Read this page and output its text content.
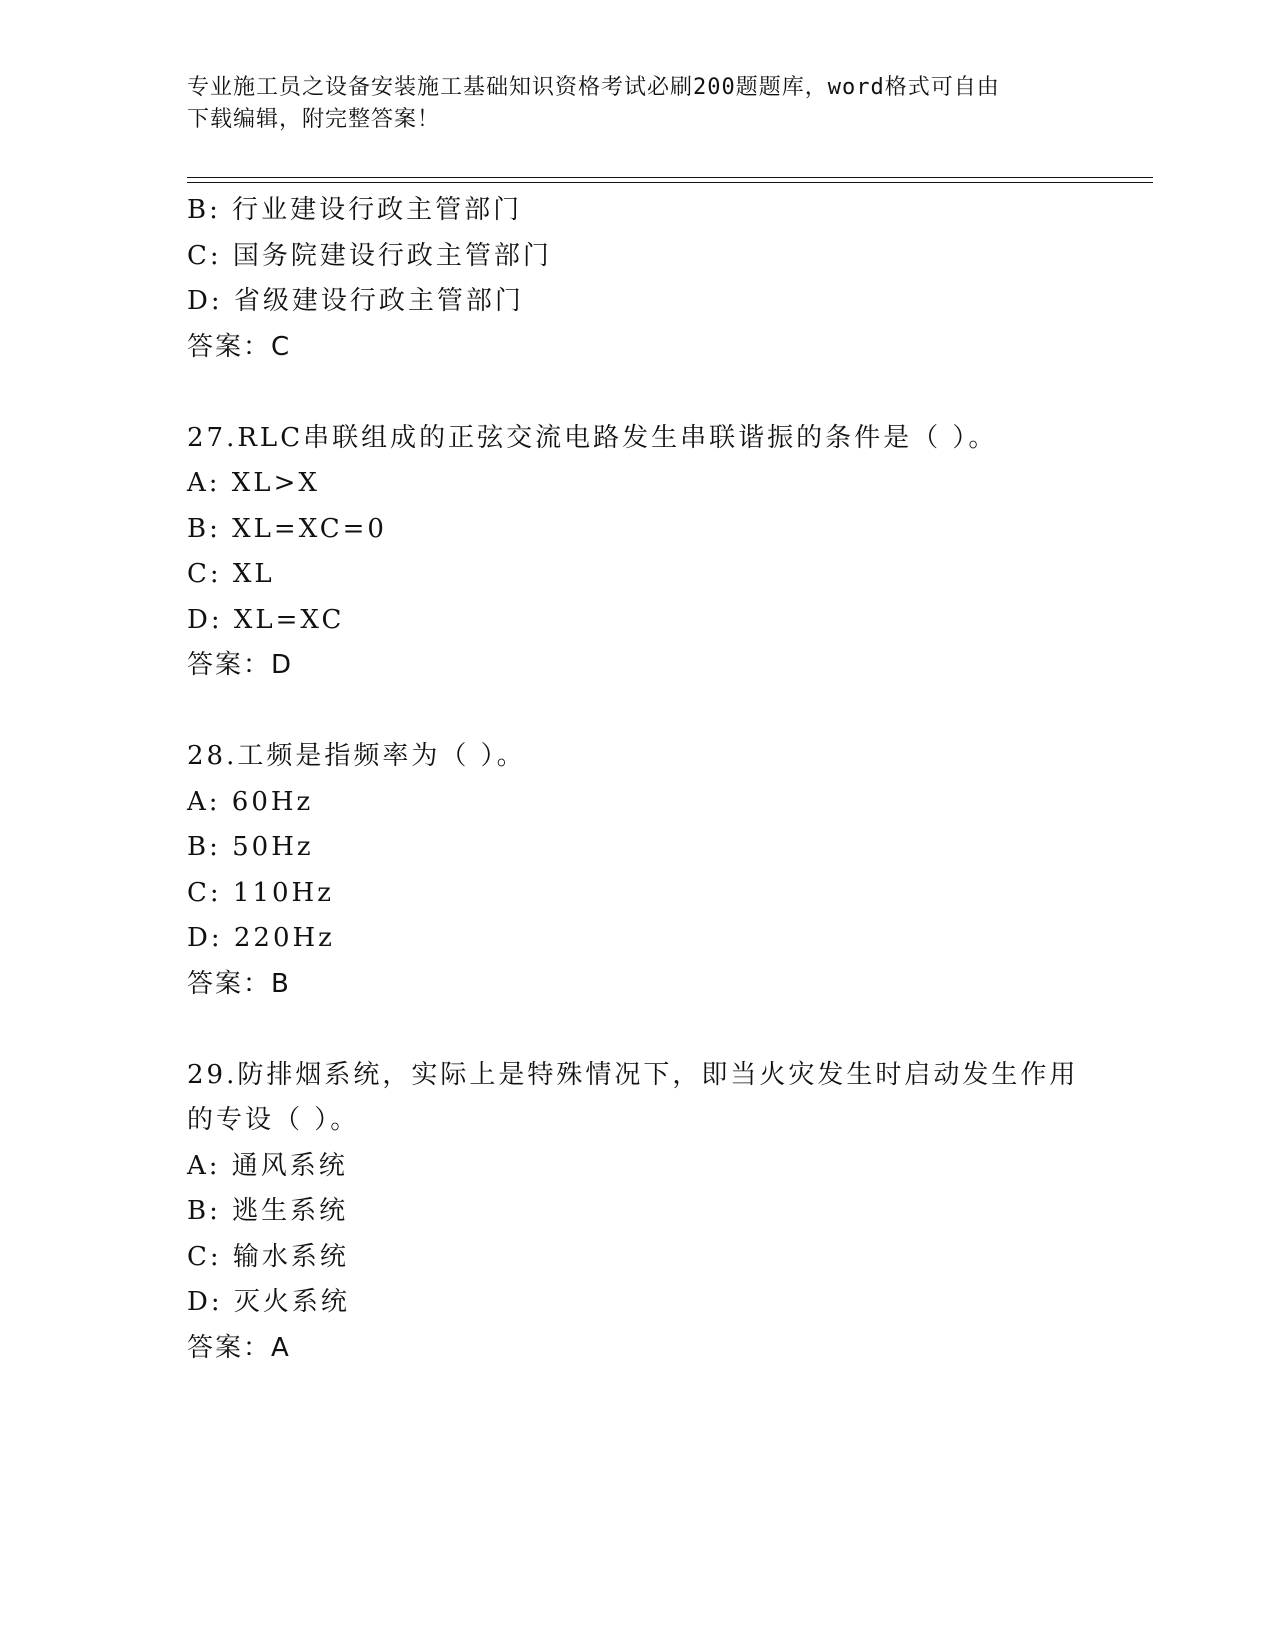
专业施工员之设备安装施工基础知识资格考试必刷200题题库，word格式可自由
下载编辑，附完整答案！
B: 行业建设行政主管部门
C: 国务院建设行政主管部门
D: 省级建设行政主管部门
答案：C
27.RLC串联组成的正弦交流电路发生串联谐振的条件是（ ）。
A: XL>X
B: XL=XC=0
C: XL
D: XL=XC
答案：D
28.工频是指频率为（ ）。
A: 60Hz
B: 50Hz
C: 110Hz
D: 220Hz
答案：B
29.防排烟系统，实际上是特殊情况下，即当火灾发生时启动发生作用
的专设（ ）。
A: 通风系统
B: 逃生系统
C: 输水系统
D: 灭火系统
答案：A
